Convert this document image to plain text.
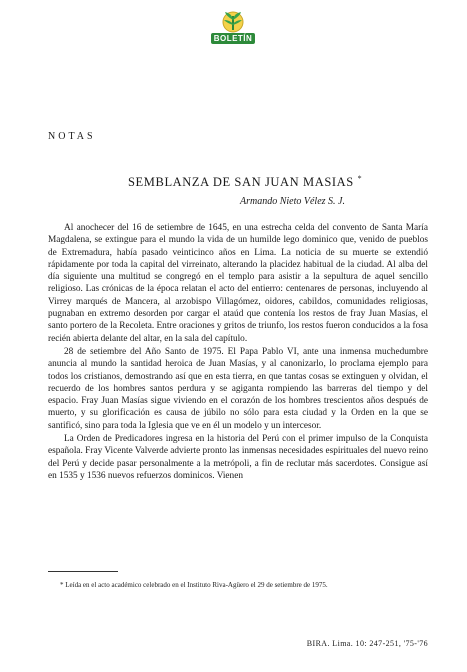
BOLETÍN
NOTAS
SEMBLANZA DE SAN JUAN MASIAS *
Armando Nieto Vélez S. J.

Al anochecer del 16 de setiembre de 1645, en una estrecha celda del convento de Santa María Magdalena, se extingue para el mundo la vida de un humilde lego dominico que, venido de pueblos de Extremadura, había pasado veinticinco años en Lima. La noticia de su muerte se extendió rápidamente por toda la capital del virreinato, alterando la placidez habitual de la ciudad. Al alba del día siguiente una multitud se congregó en el templo para asistir a la sepultura de aquel sencillo religioso. Las crónicas de la época relatan el acto del entierro: centenares de personas, incluyendo al Virrey marqués de Mancera, al arzobispo Villagómez, oidores, cabildos, comunidades religiosas, pugnaban en extremo desorden por cargar el ataúd que contenía los restos de fray Juan Masías, el santo portero de la Recoleta. Entre oraciones y gritos de triunfo, los restos fueron conducidos a la fosa recién abierta delante del altar, en la sala del capítulo.

28 de setiembre del Año Santo de 1975. El Papa Pablo VI, ante una inmensa muchedumbre anuncia al mundo la santidad heroica de Juan Masías, y al canonizarlo, lo proclama ejemplo para todos los cristianos, demostrando así que en esta tierra, en que tantas cosas se extinguen y olvidan, el recuerdo de los hombres santos perdura y se agiganta rompiendo las barreras del tiempo y del espacio. Fray Juan Masías sigue viviendo en el corazón de los hombres trescientos años después de muerto, y su glorificación es causa de júbilo no sólo para esta ciudad y la Orden en la que se santificó, sino para toda la Iglesia que ve en él un modelo y un intercesor.

La Orden de Predicadores ingresa en la historia del Perú con el primer impulso de la Conquista española. Fray Vicente Valverde advierte pronto las inmensas necesidades espirituales del nuevo reino del Perú y decide pasar personalmente a la metrópoli, a fin de reclutar más sacerdotes. Consigue así en 1535 y 1536 nuevos refuerzos dominicos. Vienen

* Leída en el acto académico celebrado en el Instituto Riva-Agüero el 29 de setiembre de 1975.
BIRA. Lima. 10: 247-251, '75-'76
